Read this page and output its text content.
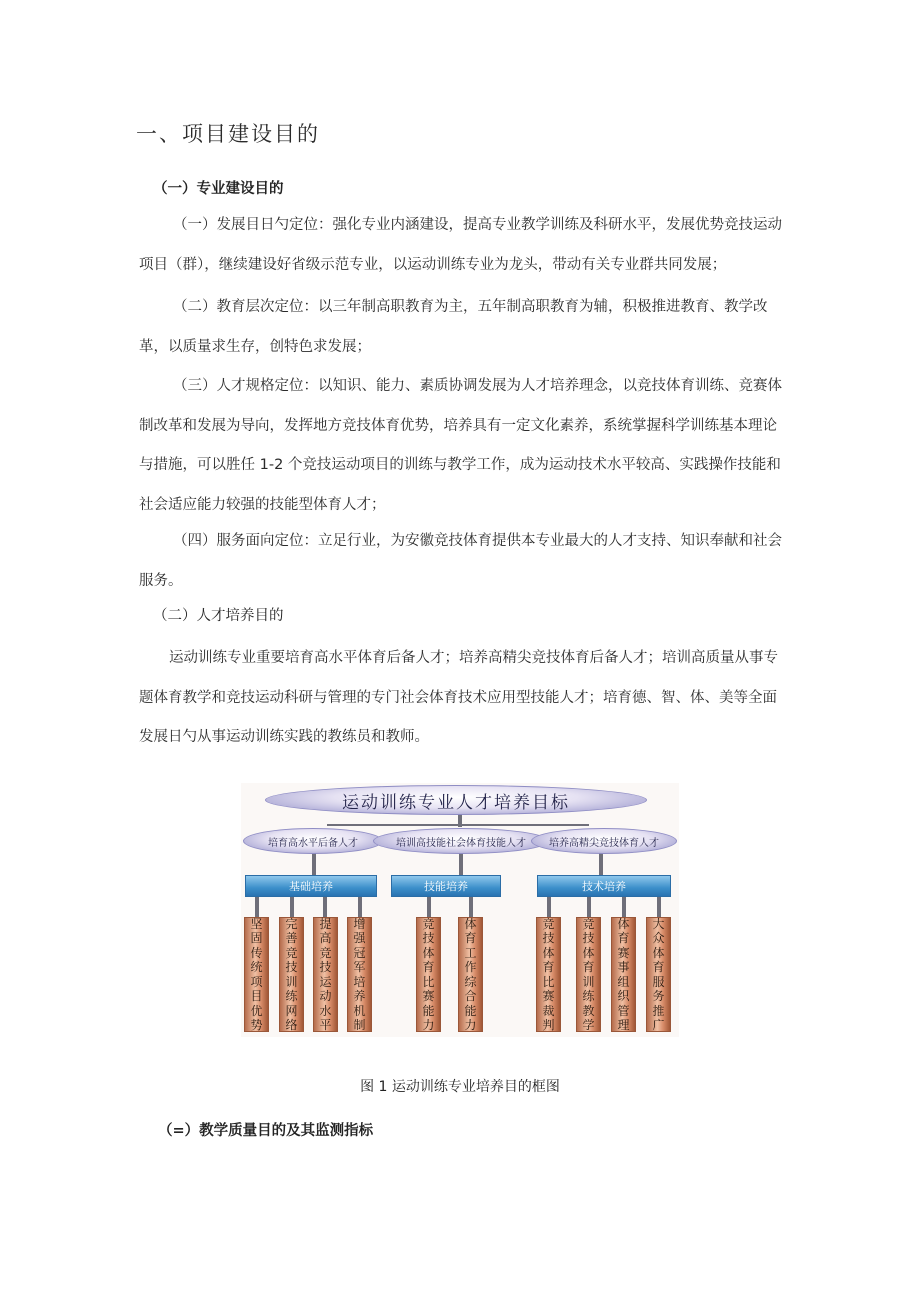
一、项目建设目的
（一）专业建设目的
（一）发展目日勺定位：强化专业内涵建设，提高专业教学训练及科研水平，发展优势竞技运动项目（群），继续建设好省级示范专业，以运动训练专业为龙头，带动有关专业群共同发展；
（二）教育层次定位：以三年制高职教育为主，五年制高职教育为辅，积极推进教育、教学改革，以质量求生存，创特色求发展；
（三）人才规格定位：以知识、能力、素质协调发展为人才培养理念，以竞技体育训练、竞赛体制改革和发展为导向，发挥地方竞技体育优势，培养具有一定文化素养，系统掌握科学训练基本理论与措施，可以胜任 1-2 个竞技运动项目的训练与教学工作，成为运动技术水平较高、实践操作技能和社会适应能力较强的技能型体育人才；
（四）服务面向定位：立足行业，为安徽竞技体育提供本专业最大的人才支持、知识奉献和社会服务。
（二）人才培养目的
运动训练专业重要培育高水平体育后备人才；培养高精尖竞技体育后备人才；培训高质量从事专题体育教学和竞技运动科研与管理的专门社会体育技术应用型技能人才；培育德、智、体、美等全面发展日勺从事运动训练实践的教练员和教师。
运动训练专业人才培养目标
培育高水平后备人才	培训高技能社会体育技能人才 培养高精尖竞技体育人才
基础培养	技能培养	技术培养
坚
固
传
统
项
目
优
势
完
善
竞
技
训
练
网
络
提
高
竞
技
运
动
水
平
增
强
冠
军
培
养
机
制
竞
技
体
育
比
赛
能
力
体
育
工
作
综
合
能
力
竞
技
体
育
比
赛
裁
判
竞
技
体
育
训
练
教
学
体
育
赛
事
组
织
管
理
大
众
体
育
服
务
推
广
图 1 运动训练专业培养目的框图
（=）教学质量目的及其监测指标
